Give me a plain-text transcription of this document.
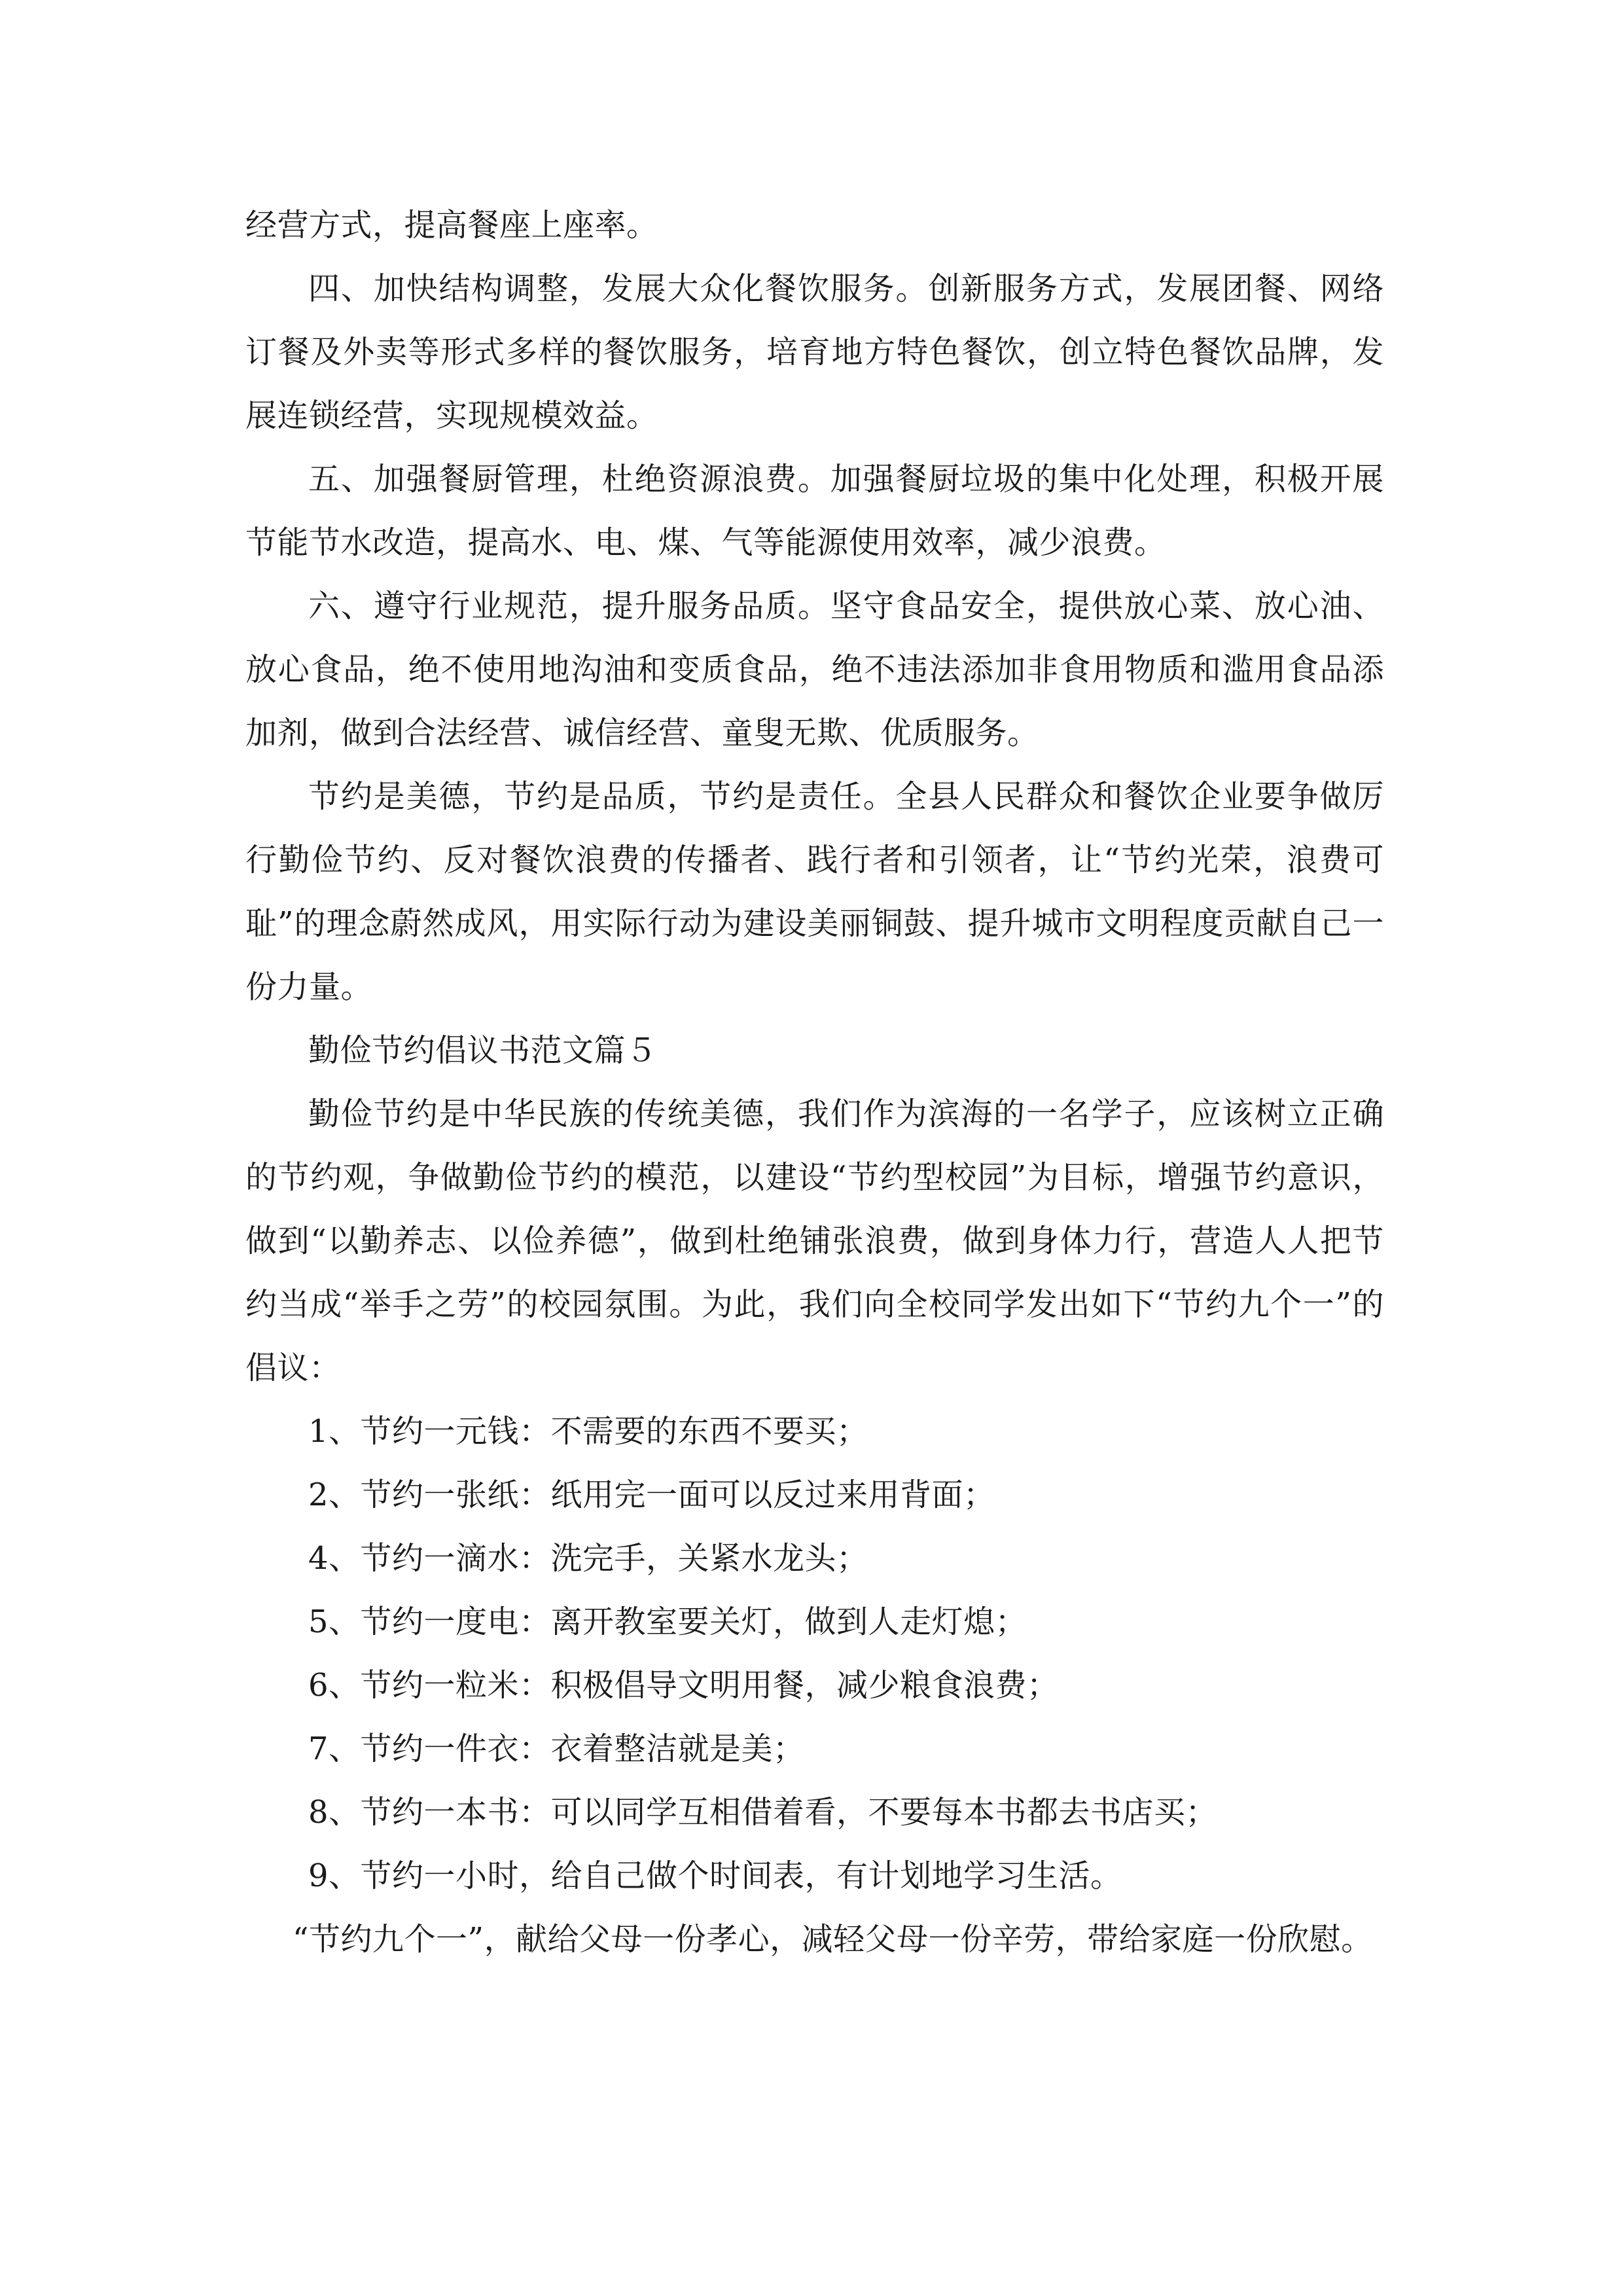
经营方式，提高餐座上座率。

四、加快结构调整，发展大众化餐饮服务。创新服务方式，发展团餐、网络订餐及外卖等形式多样的餐饮服务，培育地方特色餐饮，创立特色餐饮品牌，发展连锁经营，实现规模效益。

五、加强餐厨管理，杜绝资源浪费。加强餐厨垃圾的集中化处理，积极开展节能节水改造，提高水、电、煤、气等能源使用效率，减少浪费。

六、遵守行业规范，提升服务品质。坚守食品安全，提供放心菜、放心油、放心食品，绝不使用地沟油和变质食品，绝不违法添加非食用物质和滥用食品添加剂，做到合法经营、诚信经营、童叟无欺、优质服务。

节约是美德，节约是品质，节约是责任。全县人民群众和餐饮企业要争做厉行勤俭节约、反对餐饮浪费的传播者、践行者和引领者，让“节约光荣，浪费可耻”的理念蔚然成风，用实际行动为建设美丽铜鼓、提升城市文明程度贡献自己一份力量。

勤俭节约倡议书范文篇５

勤俭节约是中华民族的传统美德，我们作为滨海的一名学子，应该树立正确的节约观，争做勤俭节约的模范，以建设“节约型校园”为目标，增强节约意识，做到“以勤养志、以俭养德”，做到杜绝铺张浪费，做到身体力行，营造人人把节约当成“举手之劳”的校园氛围。为此，我们向全校同学发出如下“节约九个一”的倡议：

1、节约一元钱：不需要的东西不要买；

2、节约一张纸：纸用完一面可以反过来用背面；

4、节约一滴水：洗完手，关紧水龙头；

5、节约一度电：离开教室要关灯，做到人走灯熄；

6、节约一粒米：积极倡导文明用餐，减少粮食浪费；

7、节约一件衣：衣着整洁就是美；

8、节约一本书：可以同学互相借着看，不要每本书都去书店买；

9、节约一小时，给自己做个时间表，有计划地学习生活。

“节约九个一”，献给父母一份孝心，减轻父母一份辛劳，带给家庭一份欣慰。
